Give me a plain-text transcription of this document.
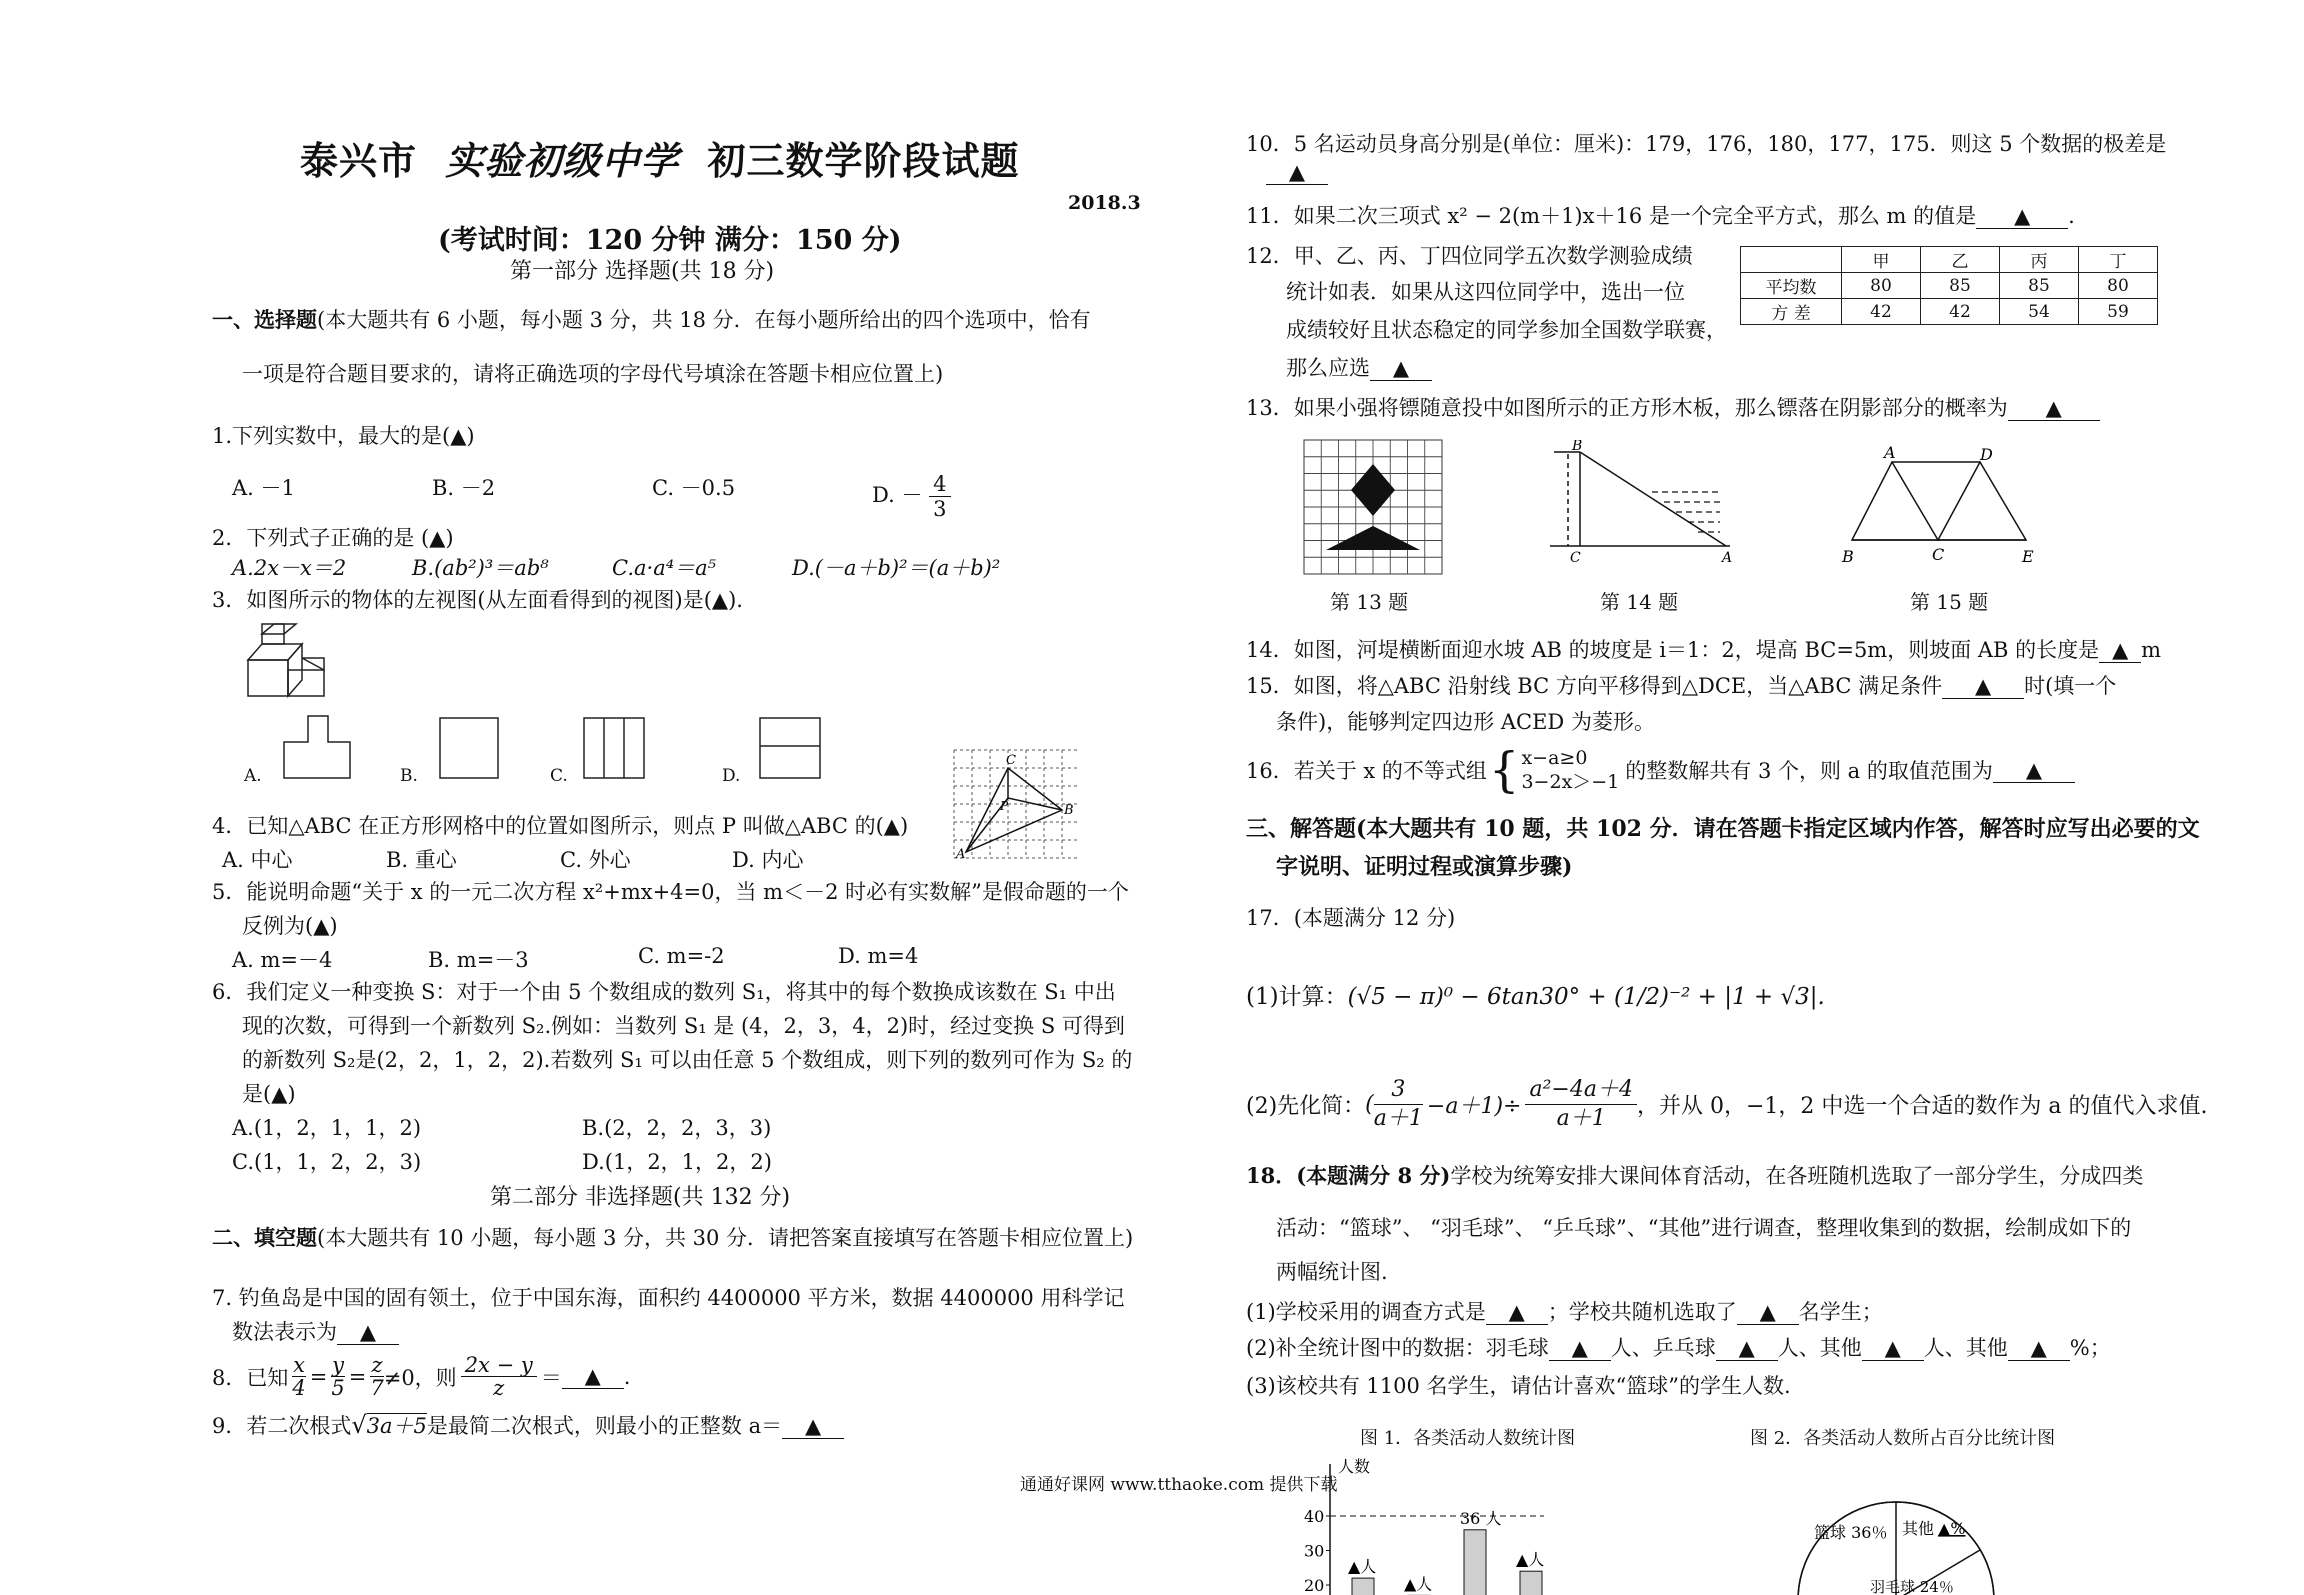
泰兴市 实验初级中学 初三数学阶段试题
2018.3
(考试时间：120 分钟 满分：150 分)
第一部分 选择题(共 18 分)
一、选择题(本大题共有 6 小题，每小题 3 分，共 18 分．在每小题所给出的四个选项中，恰有
一项是符合题目要求的，请将正确选项的字母代号填涂在答题卡相应位置上)
1.下列实数中，最大的是(▲)
A. －1	B. －2	C. －0.5	D. － $\frac{4}{3}$
2．下列式子正确的是 (▲)
A.2x－x＝2	B.(ab²)³＝ab⁸	C.a·a⁴＝a⁵	D.(－a＋b)²＝(a＋b)²
3．如图所示的物体的左视图(从左面看得到的视图)是(▲).
A.	B.	C.	D.
A
C
B
P
4．已知△ABC 在正方形网格中的位置如图所示，则点 P 叫做△ABC 的(▲)
A. 中心	B. 重心	C. 外心	D. 内心
5．能说明命题“关于 x 的一元二次方程 x²+mx+4=0，当 m＜－2 时必有实数解”是假命题的一个
反例为(▲)
A. m=－4	B. m=－3	C. m=-2	D. m=4
6．我们定义一种变换 S：对于一个由 5 个数组成的数列 S₁，将其中的每个数换成该数在 S₁ 中出
现的次数，可得到一个新数列 S₂.例如：当数列 S₁ 是 (4，2，3，4，2)时，经过变换 S 可得到
的新数列 S₂是(2，2，1，2，2).若数列 S₁ 可以由任意 5 个数组成，则下列的数列可作为 S₂ 的
是(▲)
A.(1，2，1，1，2)	B.(2，2，2，3，3)
C.(1，1，2，2，3)	D.(1，2，1，2，2)
第二部分 非选择题(共 132 分)
二、填空题(本大题共有 10 小题，每小题 3 分，共 30 分．请把答案直接填写在答题卡相应位置上)
7. 钓鱼岛是中国的固有领土，位于中国东海，面积约 4400000 平方米，数据 4400000 用科学记
数法表示为 ▲
8．已知 $\frac{x}{4} = \frac{y}{5} = \frac{z}{7} \ne 0$，则
2x − y
z	＝	▲	.
9．若二次根式√3a＋5是最简二次根式，则最小的正整数 a＝ ▲
通通好课网 www.tthaoke.com 提供下载
10．5 名运动员身高分别是(单位：厘米)：179，176，180，177，175．则这 5 个数据的极差是
▲
11．如果二次三项式 x² − 2(m＋1)x＋16 是一个完全平方式，那么 m 的值是 ▲ .
12．甲、乙、丙、丁四位同学五次数学测验成绩
统计如表．如果从这四位同学中，选出一位
成绩较好且状态稳定的同学参加全国数学联赛，
那么应选 ▲
	甲	乙	丙	丁
平均数	80	85	85	80
方 差	42	42	54	59
13．如果小强将镖随意投中如图所示的正方形木板，那么镖落在阴影部分的概率为 ▲
第 13 题
B
C	A
第 14 题
A	D
B	C	E
第 15 题
14．如图，河堤横断面迎水坡 AB 的坡度是 i＝1：2，堤高 BC=5m，则坡面 AB 的长度是 ▲ m
15．如图，将△ABC 沿射线 BC 方向平移得到△DCE，当△ABC 满足条件 ▲ 时(填一个
条件)，能够判定四边形 ACED 为菱形。
16．若关于 x 的不等式组 { x−a≥0
3−2x＞−1 的整数解共有 3 个，则 a 的取值范围为	▲
三、解答题(本大题共有 10 题，共 102 分．请在答题卡指定区域内作答，解答时应写出必要的文
字说明、证明过程或演算步骤)
17．(本题满分 12 分)
(1)计算：(√5 − π)⁰ − 6tan30° + (1/2)⁻² + |1 + √3|.
(2)先化简： (
3
$a+1 -a+1)\div \frac{\text{a²−4a＋4}}{a+1}$ ，并从 0，−1，2 中选一个合适的数作为 a 的值代入求值.
18．(本题满分 8 分)学校为统筹安排大课间体育活动，在各班随机选取了一部分学生，分成四类
活动：“篮球”、 “羽毛球”、 “乒乓球”、“其他”进行调查，整理收集到的数据，绘制成如下的
两幅统计图.
(1)学校采用的调查方式是 ▲ ；学校共随机选取了 ▲ 名学生；
(2)补全统计图中的数据：羽毛球 ▲ 人、乒乓球 ▲ 人、其他 ▲ 人、其他 ▲ %；
(3)该校共有 1100 名学生，请估计喜欢“篮球”的学生人数.
图 1．各类活动人数统计图	图 2．各类活动人数所占百分比统计图
人数
20
30
40
▲人
▲人
36 人
▲人
篮球 36％ 其他 ▲%
羽毛球 24％
